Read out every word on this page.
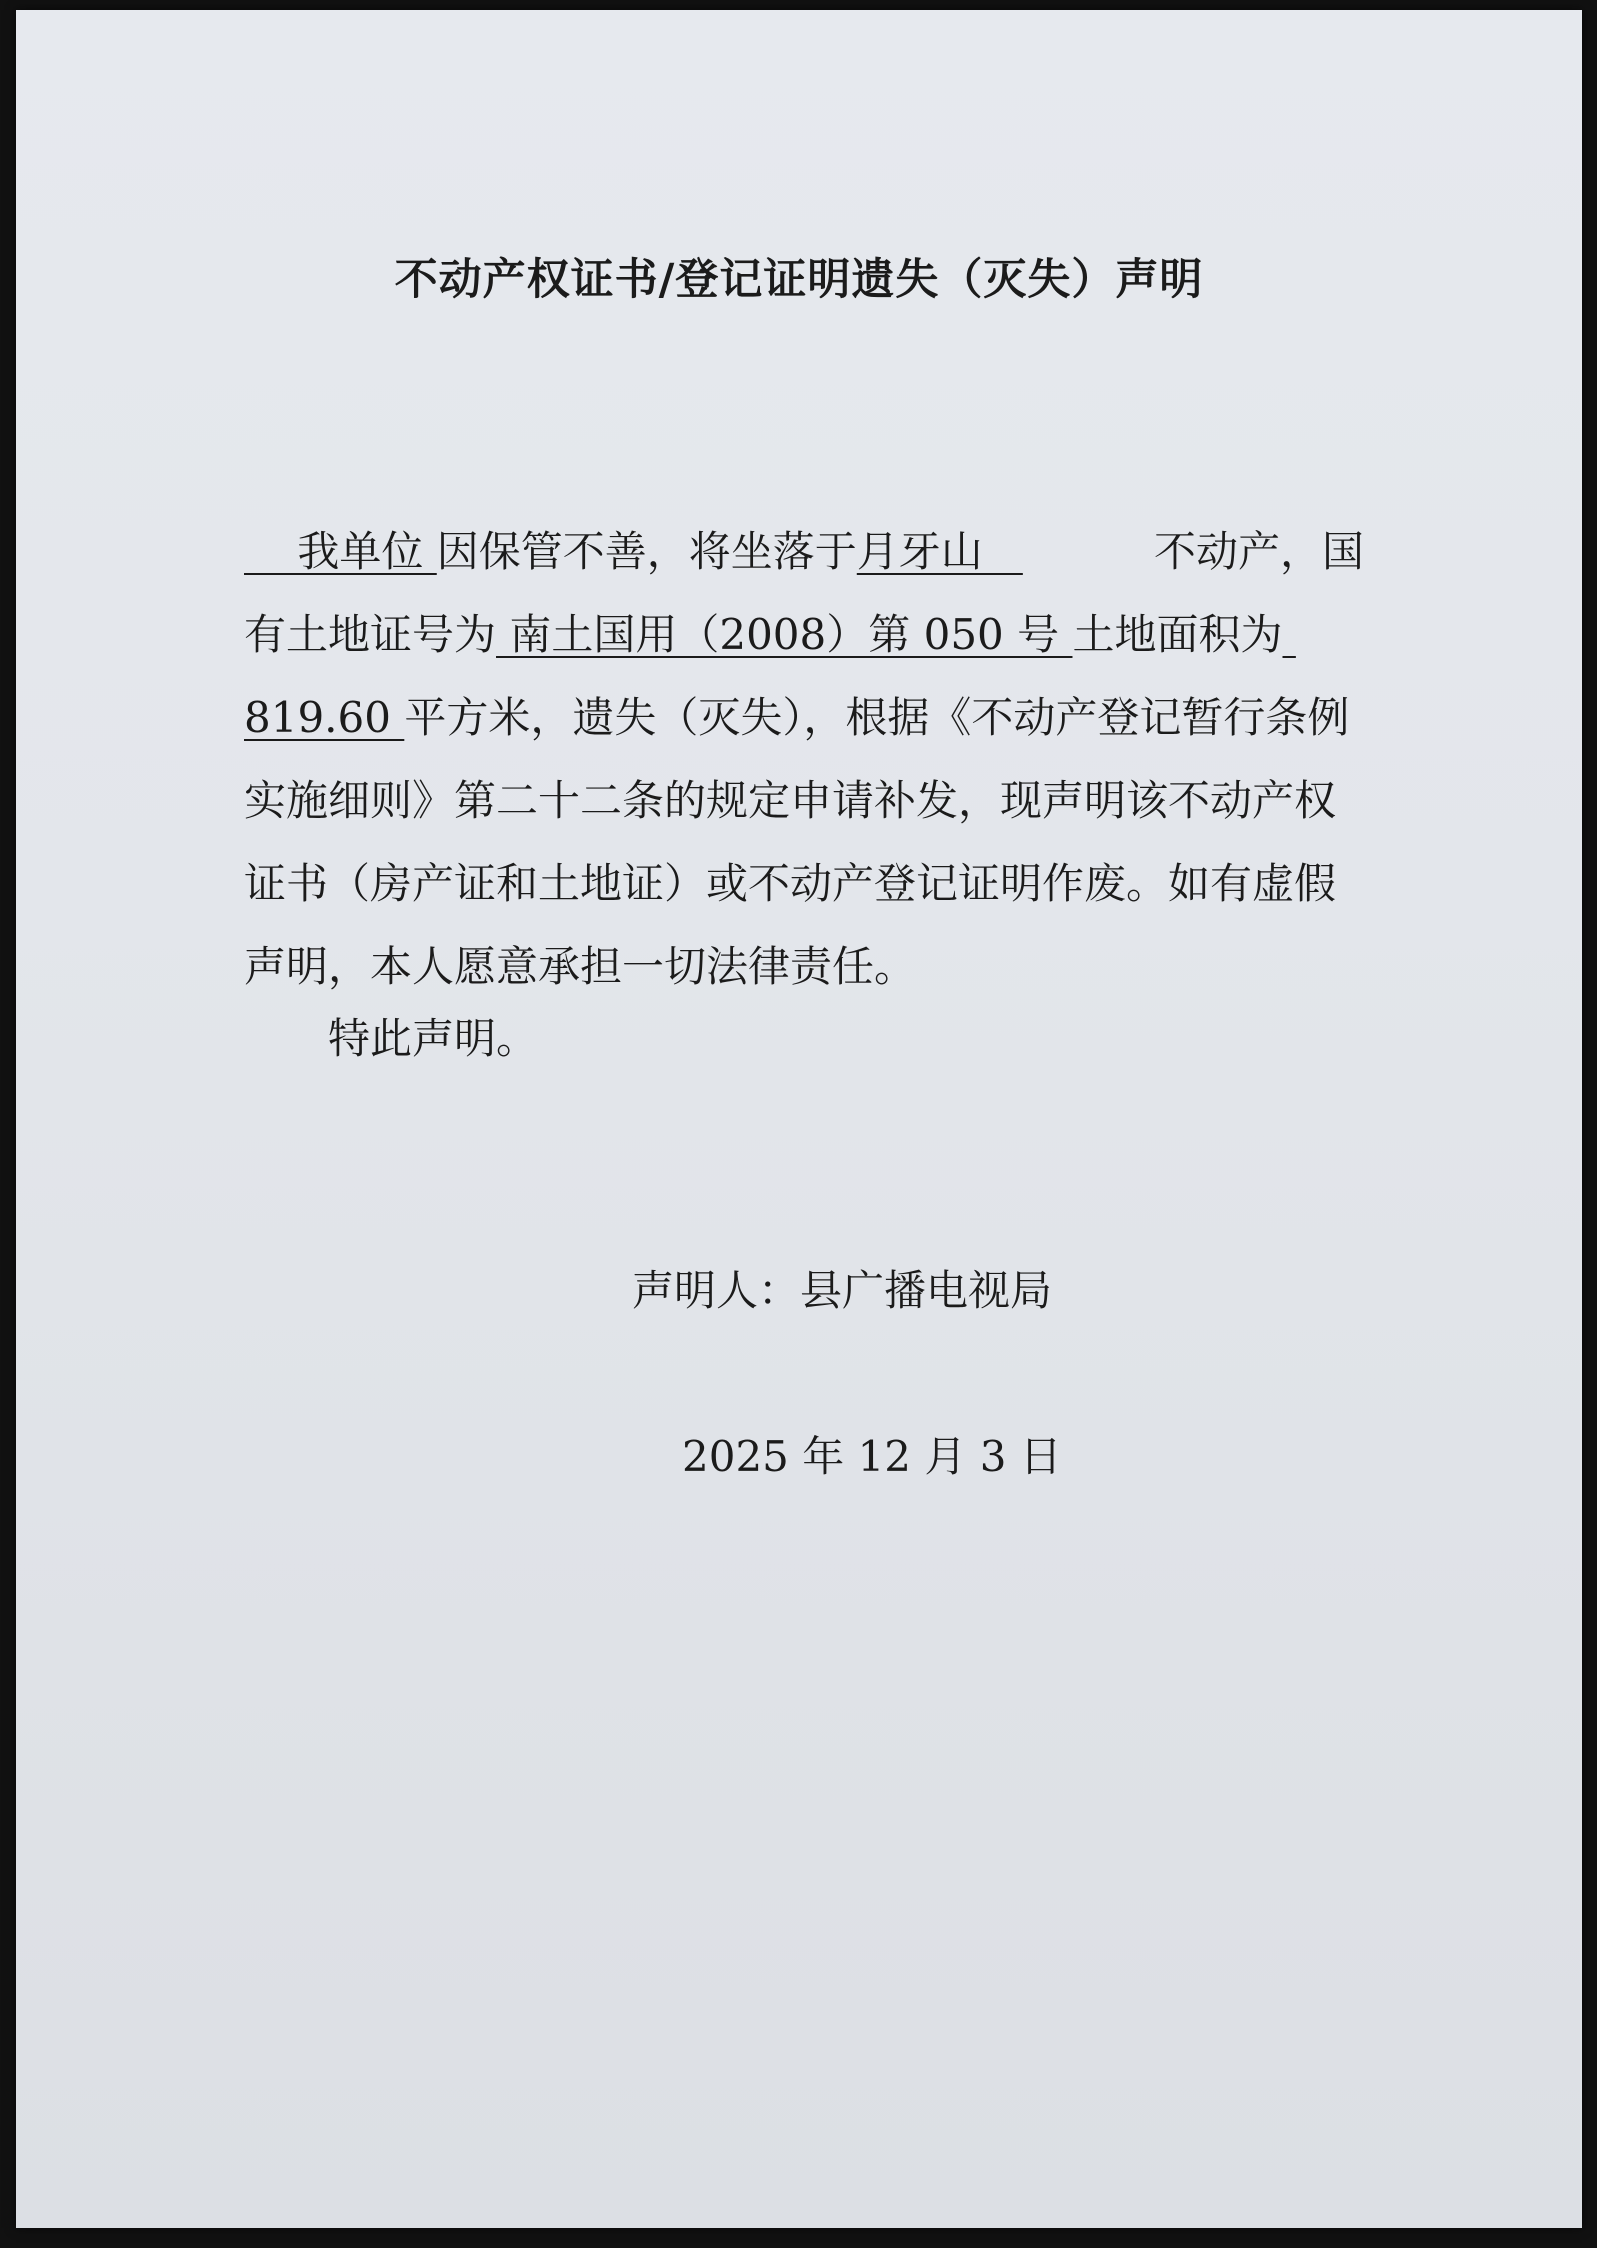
不动产权证书/登记证明遗失（灭失）声明
我单位 因保管不善，将坐落于月牙山	不动产，国
有土地证号为 南土国用（2008）第 050 号 土地面积为
819.60 平方米，遗失（灭失），根据《不动产登记暂行条例
实施细则》第二十二条的规定申请补发，现声明该不动产权
证书（房产证和土地证）或不动产登记证明作废。如有虚假
声明，本人愿意承担一切法律责任。
特此声明。
声明人：县广播电视局
2025 年 12 月 3 日
